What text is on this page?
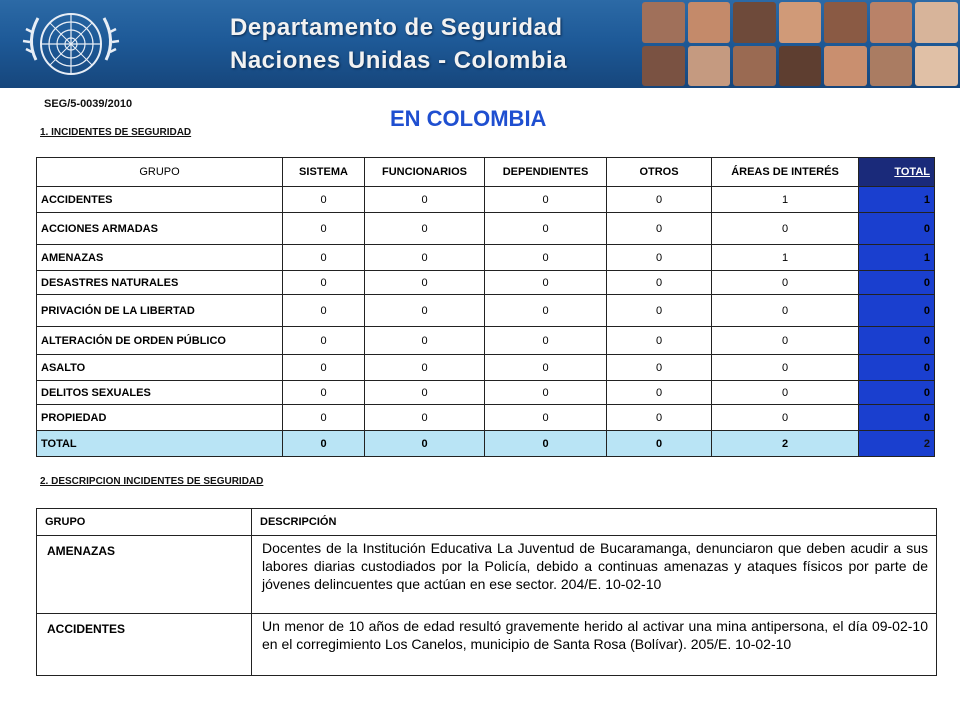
Departamento de Seguridad
Naciones Unidas - Colombia
SEG/5-0039/2010
EN COLOMBIA
1. INCIDENTES DE SEGURIDAD
GRUPO	SISTEMA	FUNCIONARIOS	DEPENDIENTES	OTROS	ÁREAS DE INTERÉS	TOTAL
ACCIDENTES	0	0	0	0	1	1
ACCIONES ARMADAS	0	0	0	0	0	0
AMENAZAS	0	0	0	0	1	1
DESASTRES NATURALES	0	0	0	0	0	0
PRIVACIÓN DE LA LIBERTAD	0	0	0	0	0	0
ALTERACIÓN DE ORDEN PÚBLICO	0	0	0	0	0	0
ASALTO	0	0	0	0	0	0
DELITOS SEXUALES	0	0	0	0	0	0
PROPIEDAD	0	0	0	0	0	0
TOTAL	0	0	0	0	2	2
2. DESCRIPCION INCIDENTES DE SEGURIDAD
GRUPO	DESCRIPCIÓN
AMENAZAS	Docentes de la Institución Educativa La Juventud de Bucaramanga, denunciaron que deben acudir a sus labores diarias custodiados por la Policía, debido a continuas amenazas y ataques físicos por parte de jóvenes delincuentes que actúan en ese sector. 204/E. 10-02-10
ACCIDENTES	Un menor de 10 años de edad resultó gravemente herido al activar una mina antipersona, el día 09-02-10 en el corregimiento Los Canelos, municipio de Santa Rosa (Bolívar). 205/E. 10-02-10
